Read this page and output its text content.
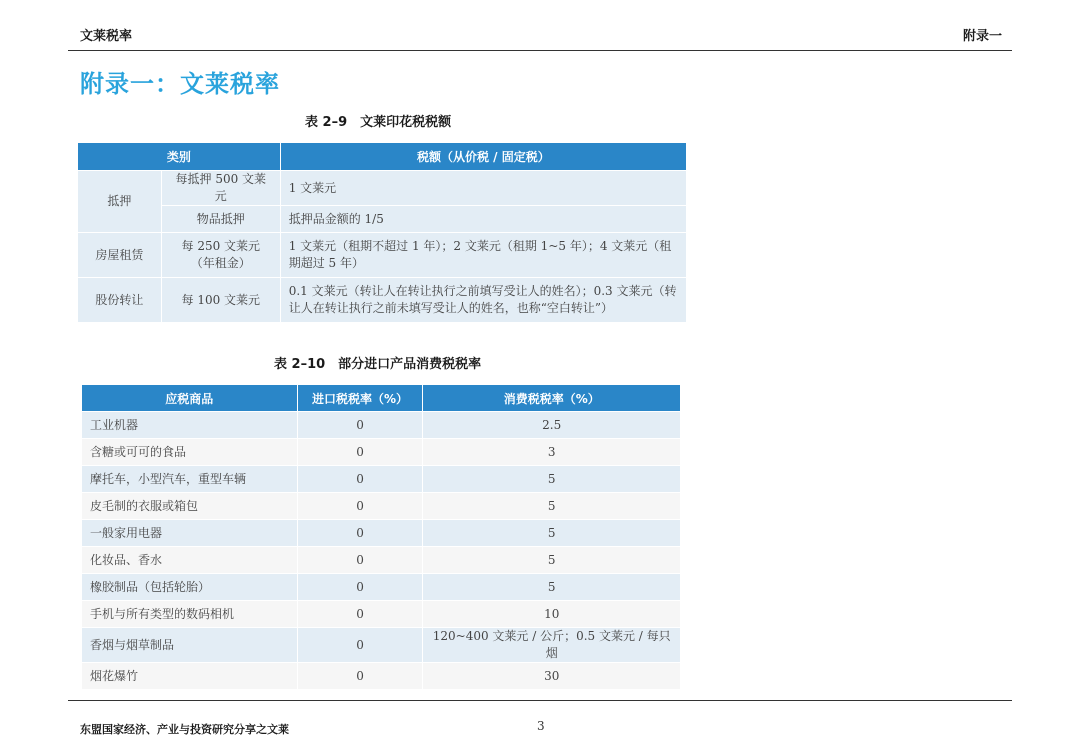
文莱税率	附录一
附录一：文莱税率
表 2–9　文莱印花税税额
类别		税额（从价税 / 固定税）
抵押	每抵押 500 文莱元	1 文莱元
	物品抵押	抵押品金额的 1/5
房屋租赁	每 250 文莱元（年租金）	1 文莱元（租期不超过 1 年）；2 文莱元（租期 1~5 年）；4 文莱元（租期超过 5 年）
股份转让	每 100 文莱元	0.1 文莱元（转让人在转让执行之前填写受让人的姓名）；0.3 文莱元（转让人在转让执行之前未填写受让人的姓名，也称“空白转让”）
表 2–10　部分进口产品消费税税率
应税商品	进口税税率（%）	消费税税率（%）
工业机器	0	2.5
含糖或可可的食品	0	3
摩托车，小型汽车，重型车辆	0	5
皮毛制的衣服或箱包	0	5
一般家用电器	0	5
化妆品、香水	0	5
橡胶制品（包括轮胎）	0	5
手机与所有类型的数码相机	0	10
香烟与烟草制品	0	120~400 文莱元 / 公斤；0.5 文莱元 / 每只烟
烟花爆竹	0	30
东盟国家经济、产业与投资研究分享之文莱	3
